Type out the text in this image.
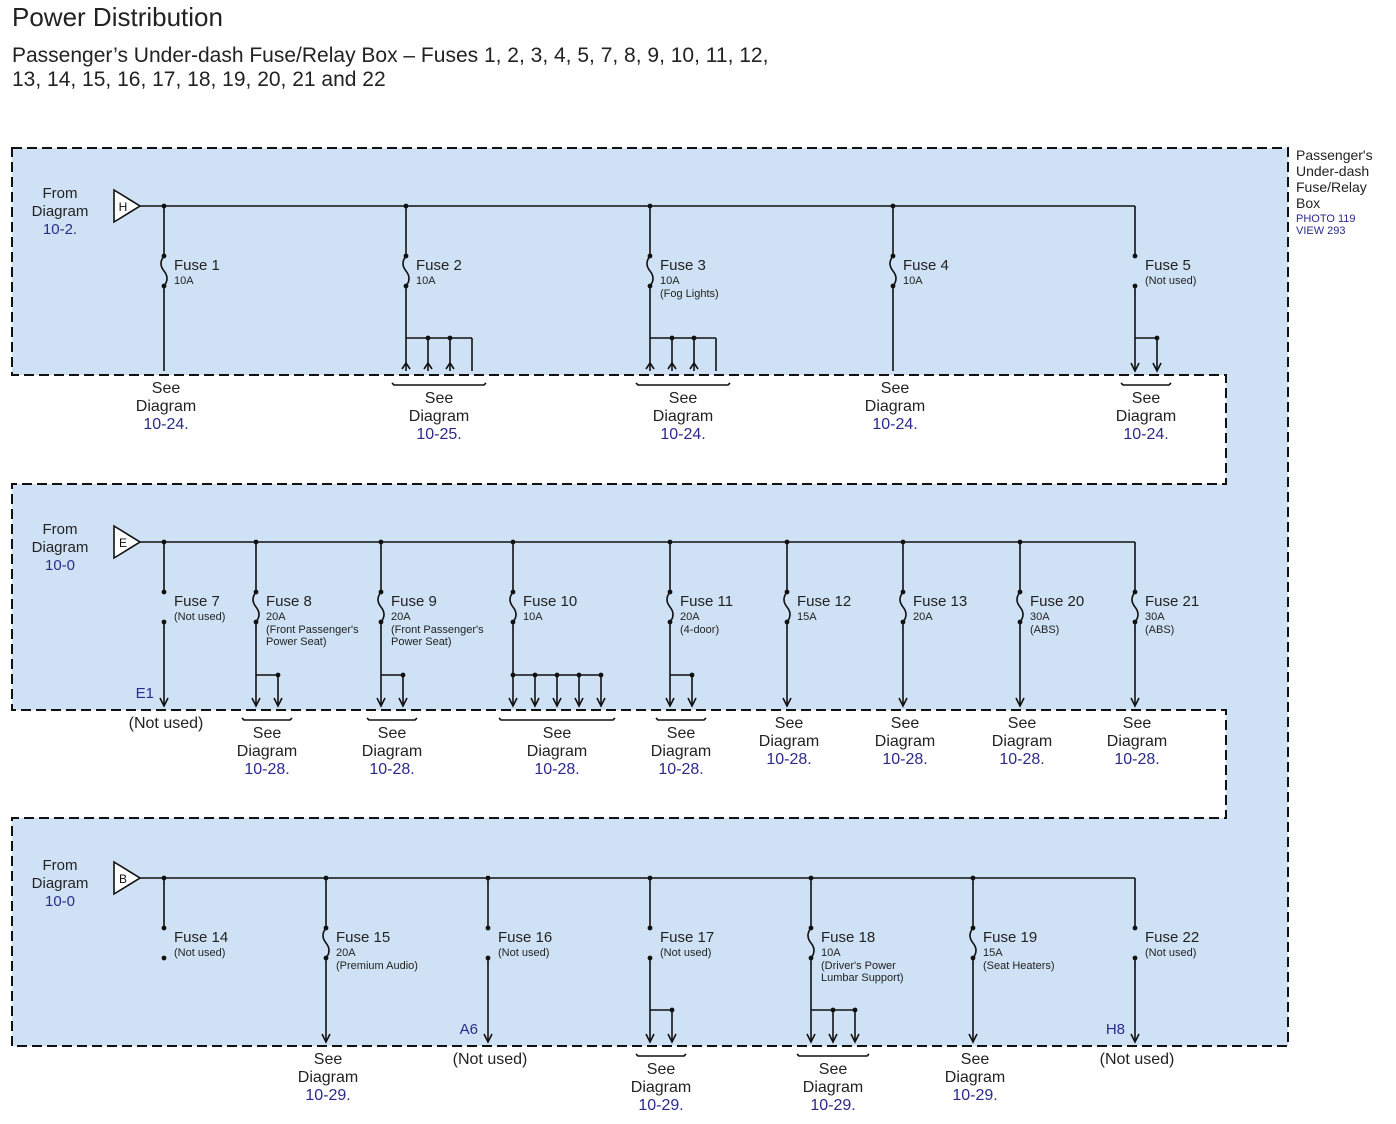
Power Distribution
Passenger’s Under-dash Fuse/Relay Box – Fuses 1, 2, 3, 4, 5, 7, 8, 9, 10, 11, 12,
13, 14, 15, 16, 17, 18, 19, 20, 21 and 22
Passenger's
Under-dash
Fuse/Relay
Box
PHOTO 119
VIEW 293
From
Diagram
10-2.
H
Fuse 1
10A
See
Diagram
10-24.
Fuse 2
10A
See
Diagram
10-25.
Fuse 3
10A
(Fog Lights)
See
Diagram
10-24.
Fuse 4
10A
See
Diagram
10-24.
Fuse 5
(Not used)
See
Diagram
10-24.
From
Diagram
10-0
E
Fuse 7
(Not used)
E1
(Not used)
Fuse 8
20A
(Front Passenger's
Power Seat)
See
Diagram
10-28.
Fuse 9
20A
(Front Passenger's
Power Seat)
See
Diagram
10-28.
Fuse 10
10A
See
Diagram
10-28.
Fuse 11
20A
(4-door)
See
Diagram
10-28.
Fuse 12
15A
See
Diagram
10-28.
Fuse 13
20A
See
Diagram
10-28.
Fuse 20
30A
(ABS)
See
Diagram
10-28.
Fuse 21
30A
(ABS)
See
Diagram
10-28.
From
Diagram
10-0
B
Fuse 14
(Not used)
Fuse 15
20A
(Premium Audio)
See
Diagram
10-29.
Fuse 16
(Not used)
A6
(Not used)
Fuse 17
(Not used)
See
Diagram
10-29.
Fuse 18
10A
(Driver's Power
Lumbar Support)
See
Diagram
10-29.
Fuse 19
15A
(Seat Heaters)
See
Diagram
10-29.
Fuse 22
(Not used)
H8
(Not used)
